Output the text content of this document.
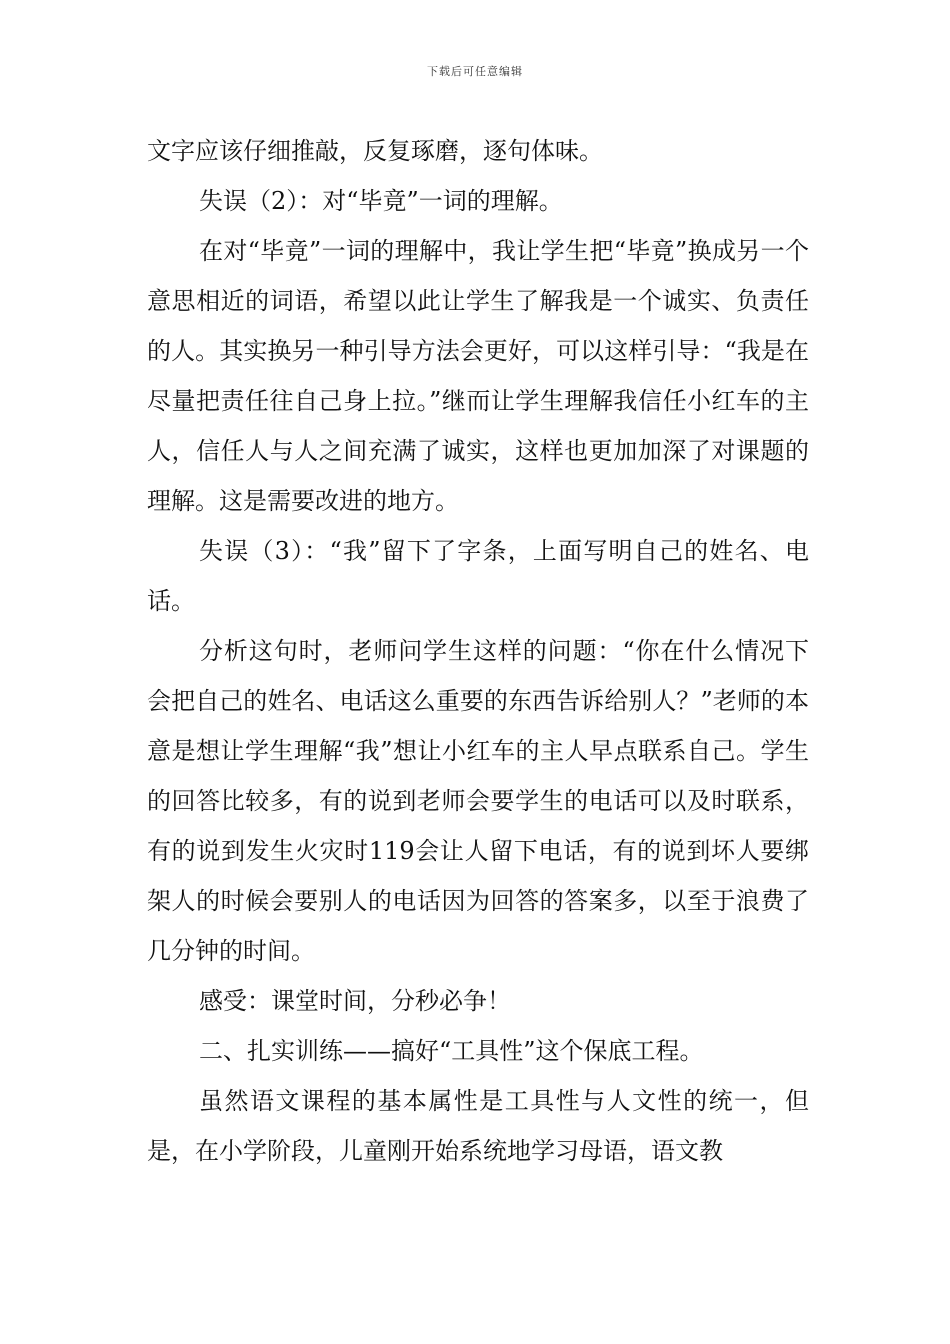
下载后可任意编辑

文字应该仔细推敲，反复琢磨，逐句体味。

失误（2）：对“毕竟”一词的理解。

在对“毕竟”一词的理解中，我让学生把“毕竟”换成另一个意思相近的词语，希望以此让学生了解我是一个诚实、负责任的人。其实换另一种引导方法会更好，可以这样引导：“我是在尽量把责任往自己身上拉。”继而让学生理解我信任小红车的主人，信任人与人之间充满了诚实，这样也更加加深了对课题的理解。这是需要改进的地方。

失误（3）：“我”留下了字条，上面写明自己的姓名、电话。

分析这句时，老师问学生这样的问题：“你在什么情况下会把自己的姓名、电话这么重要的东西告诉给别人？”老师的本意是想让学生理解“我”想让小红车的主人早点联系自己。学生的回答比较多，有的说到老师会要学生的电话可以及时联系，有的说到发生火灾时119会让人留下电话，有的说到坏人要绑架人的时候会要别人的电话因为回答的答案多，以至于浪费了几分钟的时间。

感受：课堂时间，分秒必争！

二、扎实训练——搞好“工具性”这个保底工程。

虽然语文课程的基本属性是工具性与人文性的统一，但是，在小学阶段，儿童刚开始系统地学习母语，语文教
